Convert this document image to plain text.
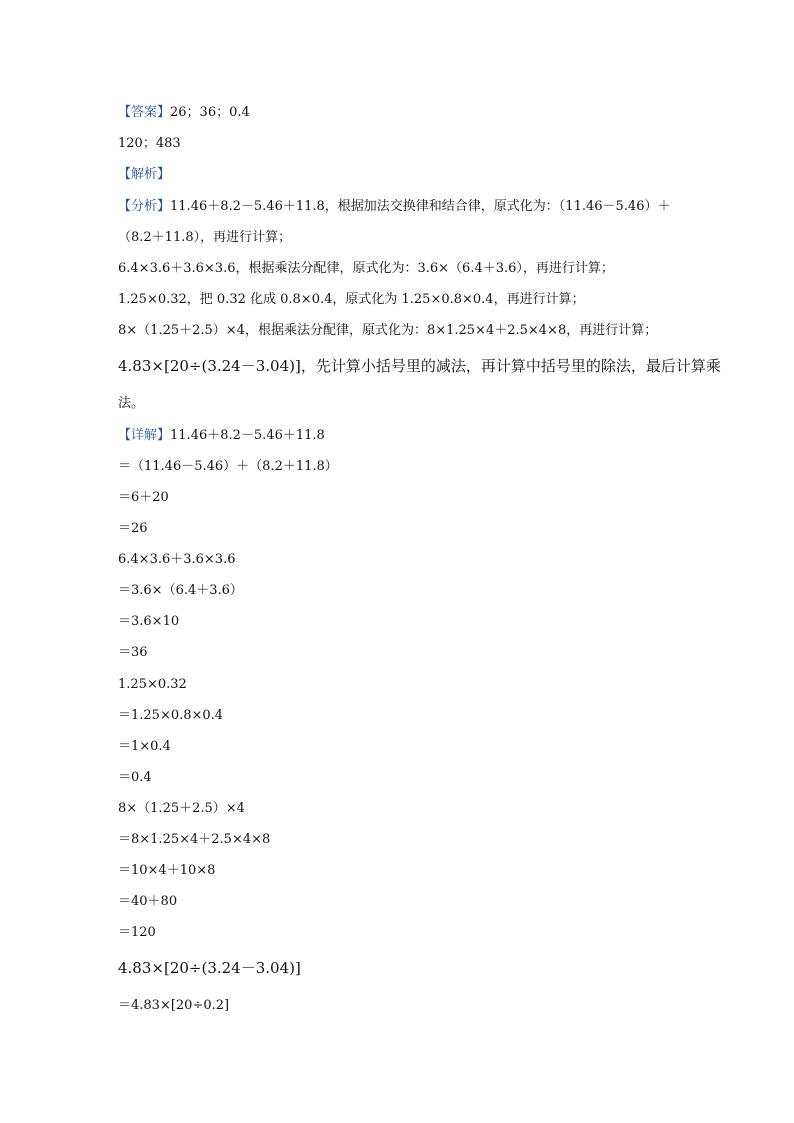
【答案】26；36；0.4
120；483
【解析】
【分析】11.46＋8.2－5.46＋11.8，根据加法交换律和结合律，原式化为：（11.46－5.46）＋
（8.2＋11.8），再进行计算；
6.4×3.6＋3.6×3.6，根据乘法分配律，原式化为：3.6×（6.4＋3.6），再进行计算；
1.25×0.32，把 0.32 化成 0.8×0.4，原式化为 1.25×0.8×0.4，再进行计算；
8×（1.25＋2.5）×4，根据乘法分配律，原式化为：8×1.25×4＋2.5×4×8，再进行计算；
4.83×[20÷(3.24－3.04)]，先计算小括号里的减法，再计算中括号里的除法，最后计算乘
法。
【详解】11.46＋8.2－5.46＋11.8
＝（11.46－5.46）＋（8.2＋11.8）
＝6＋20
＝26
6.4×3.6＋3.6×3.6
＝3.6×（6.4＋3.6）
＝3.6×10
＝36
1.25×0.32
＝1.25×0.8×0.4
＝1×0.4
＝0.4
8×（1.25＋2.5）×4
＝8×1.25×4＋2.5×4×8
＝10×4＋10×8
＝40＋80
＝120
4.83×[20÷(3.24－3.04)]
＝4.83×[20÷0.2]
